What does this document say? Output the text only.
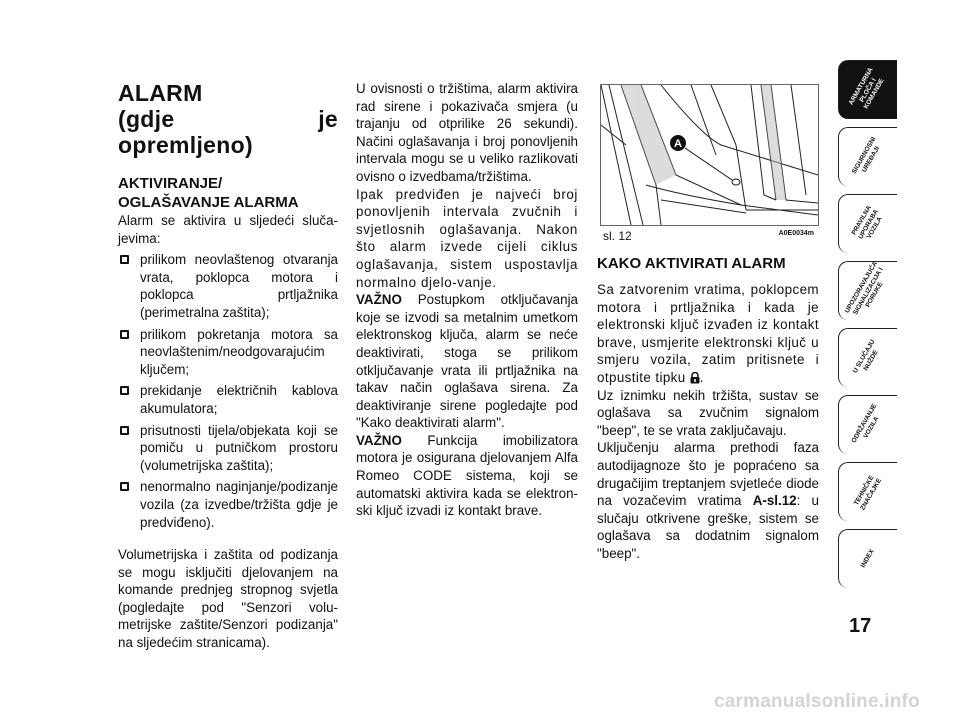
ALARM
(gdje je opremljeno)
AKTIVIRANJE/
OGLAŠAVANJE ALARMA

Alarm se aktivira u sljedeći sluča-jevima:

prilikom neovlaštenog otvaranja vrata, poklopca motora i poklopca prtljažnika (perimetralna zaštita);
prilikom pokretanja motora sa neovlaštenim/neodgovarajućim ključem;
prekidanje električnih kablova akumulatora;
prisutnosti tijela/objekata koji se pomiču u putničkom prostoru (volumetrijska zaštita);
nenormalno naginjanje/podizanje vozila (za izvedbe/tržišta gdje je predviđeno).

Volumetrijska i zaštita od podizanja se mogu isključiti djelovanjem na komande prednjeg stropnog svjetla (pogledajte pod "Senzori volu-metrijske zaštite/Senzori podizanja" na sljedećim stranicama).

U ovisnosti o tržištima, alarm aktivira rad sirene i pokazivača smjera (u trajanju od otprilike 26 sekundi). Načini oglašavanja i broj ponovljenih intervala mogu se u veliko razlikovati ovisno o izvedbama/tržištima.

Ipak predviđen je najveći broj ponovljenih intervala zvučnih i svjetlosnih oglašavanja. Nakon što alarm izvede cijeli ciklus oglašavanja, sistem uspostavlja normalno djelo-vanje.

VAŽNO Postupkom otključavanja koje se izvodi sa metalnim umetkom elektronskog ključa, alarm se neće deaktivirati, stoga se prilikom otključavanje vrata ili prtljažnika na takav način oglašava sirena. Za deaktiviranje sirene pogledajte pod "Kako deaktivirati alarm".

VAŽNO Funkcija imobilizatora motora je osigurana djelovanjem Alfa Romeo CODE sistema, koji se automatski aktivira kada se elektron-ski ključ izvadi iz kontakt brave.

A
sl. 12	A0E0034m
KAKO AKTIVIRATI ALARM

Sa zatvorenim vratima, poklopcem motora i prtljažnika i kada je elektronski ključ izvađen iz kontakt brave, usmjerite elektronski ključ u smjeru vozila, zatim pritisnete i otpustite tipku .

Uz iznimku nekih tržišta, sustav se oglašava sa zvučnim signalom "beep", te se vrata zaključavaju.

Uključenju alarma prethodi faza autodijagnoze što je popraćeno sa drugačijim treptanjem svjetleće diode na vozačevim vratima A-sl.12: u slučaju otkrivene greške, sistem se oglašava sa dodatnim signalom "beep".

ARMATURNA
PLOČA I
KOMANDE
SIGURNOSNI
UREĐAJI
PRAVILNA
UPORABA
VOZILA
UPOZORAVAJUĆA
SIGNALIZACIJA I
PORUKE
U SLUČAJU
NUŽDE
ODRŽAVANJE
VOZILA
TEHNIČKE
ZNAČAJKE
INDEX
17
carmanualsonline.info
